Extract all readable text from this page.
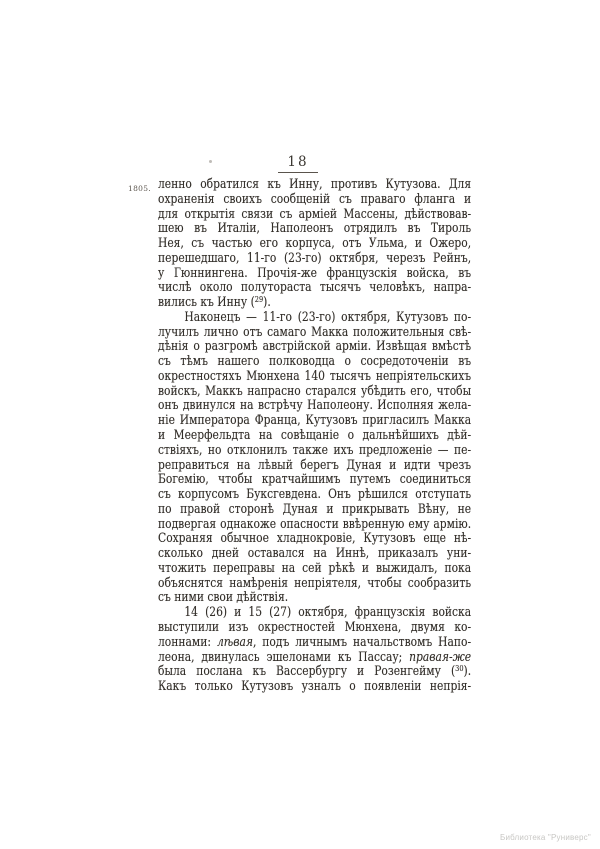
18
1805. ленно обратился къ Инну, противъ Кутузова. Для
охраненія своихъ сообщеній съ праваго фланга и
для открытія связи съ арміей Массены, дѣйствовав-
шею въ Италіи, Наполеонъ отрядилъ въ Тироль
Нея, съ частью его корпуса, отъ Ульма, и Ожеро,
перешедшаго, 11-го (23-го) октября, черезъ Рейнъ,
у Гюннингена. Прочія-же французскія войска, въ
числѣ около полутораста тысячъ человѣкъ, напра-
вились къ Инну ($^{29}$).
Наконецъ — 11-го (23-го) октября, Кутузовъ по-
лучилъ лично отъ самаго Макка положительныя свѣ-
дѣнія о разгромѣ австрійской арміи. Извѣщая вмѣстѣ
съ тѣмъ нашего полководца о сосредоточеніи въ
окрестностяхъ Мюнхена 140 тысячъ непріятельскихъ
войскъ, Маккъ напрасно старался убѣдить его, чтобы
онъ двинулся на встрѣчу Наполеону. Исполняя жела-
ніе Императора Франца, Кутузовъ пригласилъ Макка
и Меерфельдта на совѣщаніе о дальнѣйшихъ дѣй-
ствіяхъ, но отклонилъ также ихъ предложеніе — пе-
реправиться на лѣвый берегъ Дуная и идти чрезъ
Богемію, чтобы кратчайшимъ путемъ соединиться
съ корпусомъ Буксгевдена. Онъ рѣшился отступать
по правой сторонѣ Дуная и прикрывать Вѣну, не
подвергая однакоже опасности ввѣренную ему армію.
Сохраняя обычное хладнокровіе, Кутузовъ еще нѣ-
сколько дней оставался на Иннѣ, приказалъ уни-
чтожить переправы на сей рѣкѣ и выжидалъ, пока
объяснятся намѣренія непріятеля, чтобы сообразить
съ ними свои дѣйствія.
14 (26) и 15 (27) октября, французскія войска
выступили изъ окрестностей Мюнхена, двумя ко-
лоннами: лѣвая, подъ личнымъ начальствомъ Напо-
леона, двинулась эшелонами къ Пассау; правая-же
была послана къ Вассербургу и Розенгейму ($^{30}$).
Какъ только Кутузовъ узналъ о появленіи непрія-
Библиотека "Руниверс"
